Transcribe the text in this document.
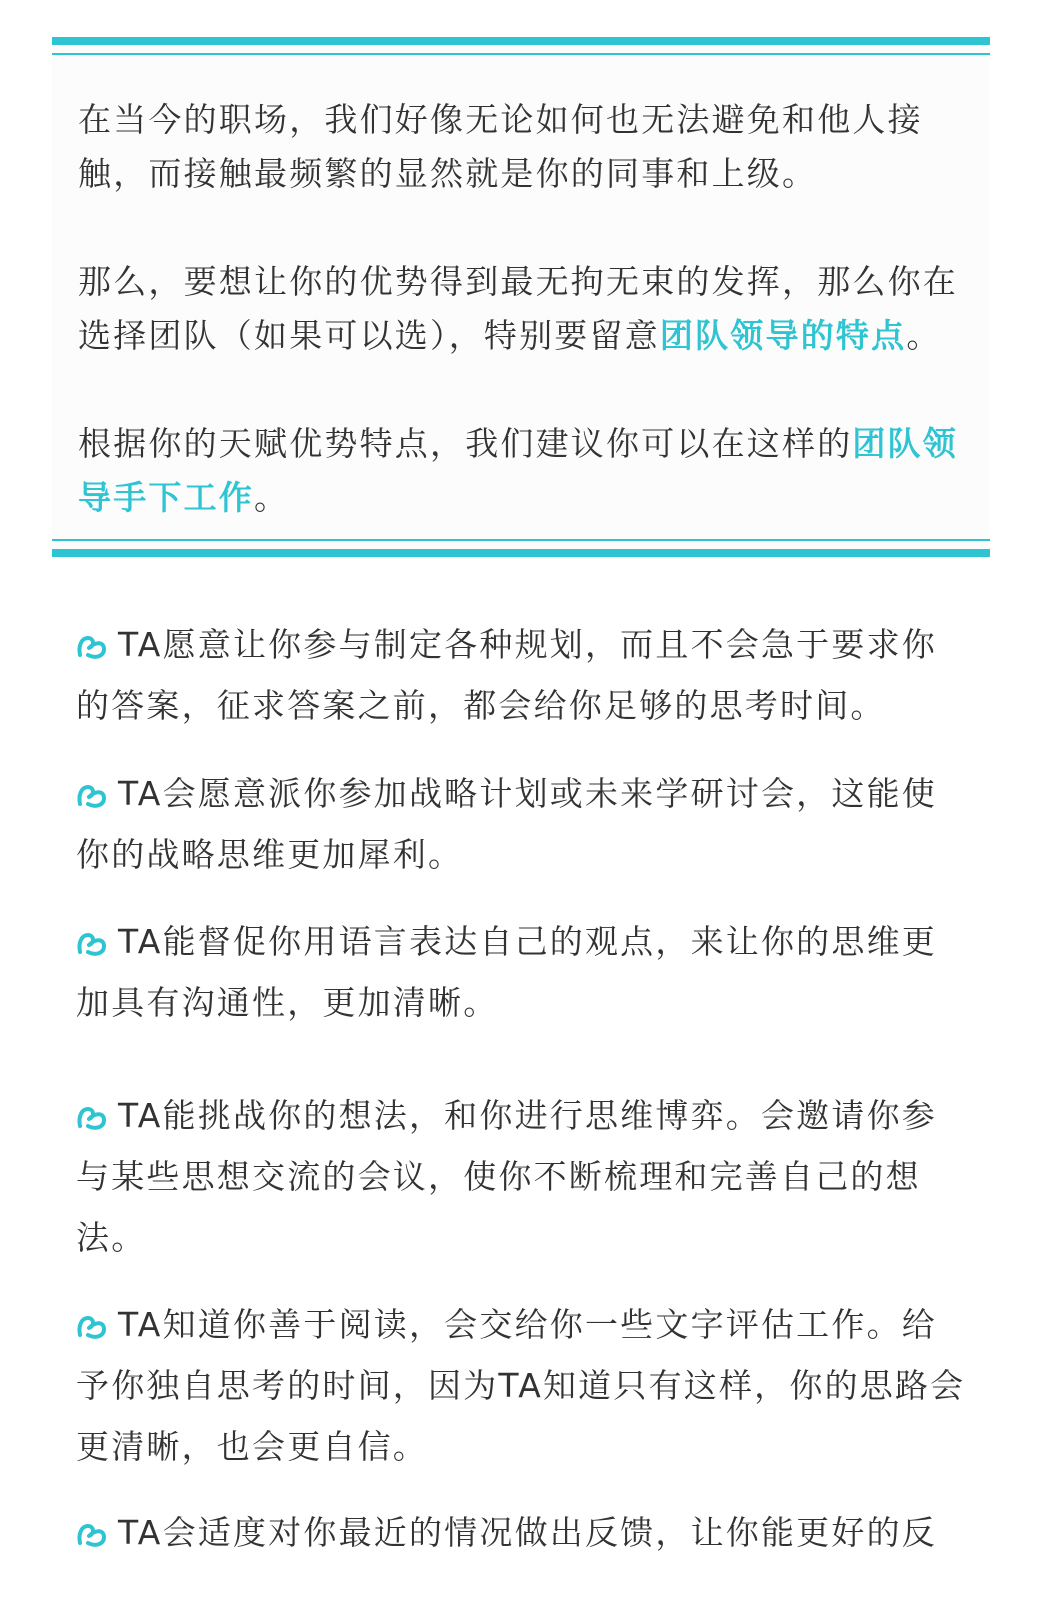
在当今的职场，我们好像无论如何也无法避免和他人接触，而接触最频繁的显然就是你的同事和上级。

那么，要想让你的优势得到最无拘无束的发挥，那么你在选择团队（如果可以选），特别要留意团队领导的特点。

根据你的天赋优势特点，我们建议你可以在这样的团队领导手下工作。

TA愿意让你参与制定各种规划，而且不会急于要求你的答案，征求答案之前，都会给你足够的思考时间。

TA会愿意派你参加战略计划或未来学研讨会，这能使你的战略思维更加犀利。

TA能督促你用语言表达自己的观点，来让你的思维更加具有沟通性，更加清晰。

TA能挑战你的想法，和你进行思维博弈。会邀请你参与某些思想交流的会议，使你不断梳理和完善自己的想法。

TA知道你善于阅读，会交给你一些文字评估工作。给予你独自思考的时间，因为TA知道只有这样，你的思路会更清晰，也会更自信。

TA会适度对你最近的情况做出反馈，让你能更好的反
